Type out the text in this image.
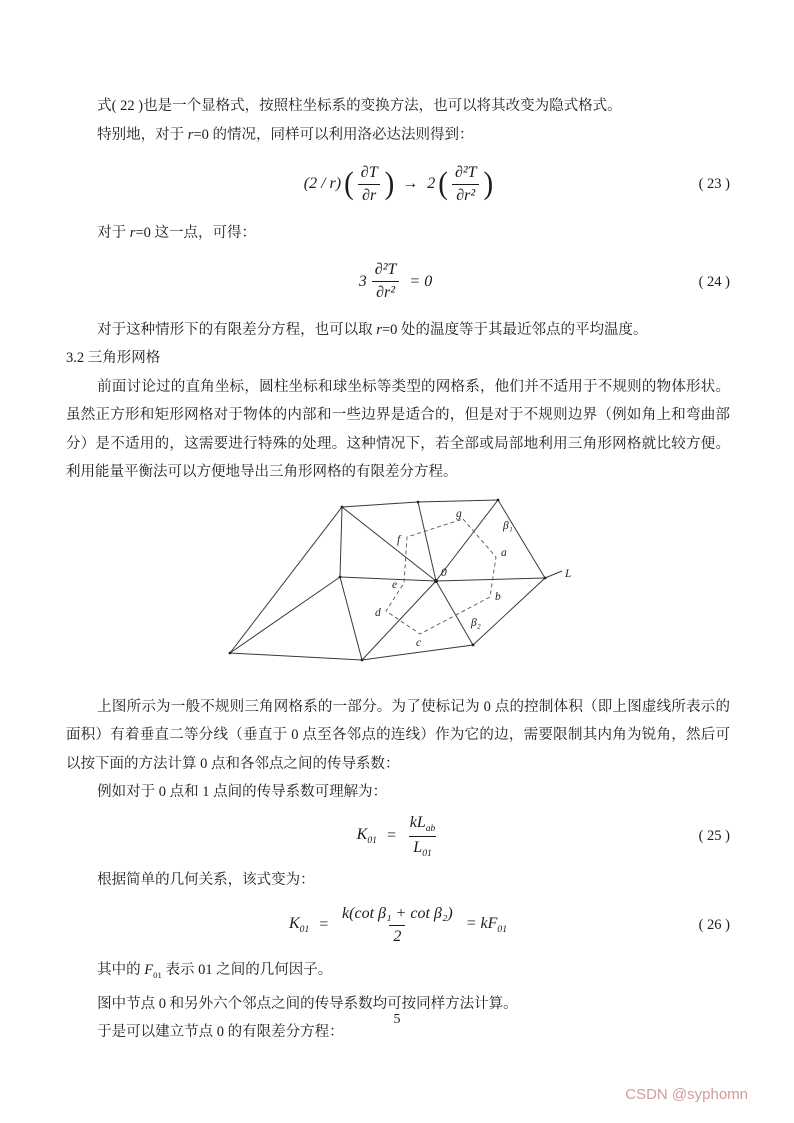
式( 22 )也是一个显格式，按照柱坐标系的变换方法，也可以将其改变为隐式格式。

特别地，对于 r=0 的情况，同样可以利用洛必达法则得到：

(2 / r) ( $\frac{\partial T}{\partial r}$ ) → 2 ( $\frac{\text{∂²T}}{\text{∂r²}}$ )	( 23 )

对于 r=0 这一点，可得：

$3 \frac{\text{∂²T}}{\text{∂r²}} = 0$	( 24 )

对于这种情形下的有限差分方程，也可以取 r=0 处的温度等于其最近邻点的平均温度。

3.2 三角形网格

前面讨论过的直角坐标，圆柱坐标和球坐标等类型的网格系，他们并不适用于不规则的物体形状。虽然正方形和矩形网格对于物体的内部和一些边界是适合的，但是对于不规则边界（例如角上和弯曲部分）是不适用的，这需要进行特殊的处理。这种情况下，若全部或局部地利用三角形网格就比较方便。利用能量平衡法可以方便地导出三角形网格的有限差分方程。

g
β₁
f
a
0
e
b
d
β₂
c
L

上图所示为一般不规则三角网格系的一部分。为了使标记为 0 点的控制体积（即上图虚线所表示的面积）有着垂直二等分线（垂直于 0 点至各邻点的连线）作为它的边，需要限制其内角为锐角，然后可以按下面的方法计算 0 点和各邻点之间的传导系数：

例如对于 0 点和 1 点间的传导系数可理解为：

$K_{01} = \frac{kL_{ab}}{L_{01}}$	( 25 )

根据简单的几何关系，该式变为：

$K_{01} = \frac{\text{k(cot β₁ + cot β₂)}}{2} = kF_{01}$	( 26 )

其中的 $F_{01}$ 表示 01 之间的几何因子。

图中节点 0 和另外六个邻点之间的传导系数均可按同样方法计算。

于是可以建立节点 0 的有限差分方程：

5
CSDN @syphomn
